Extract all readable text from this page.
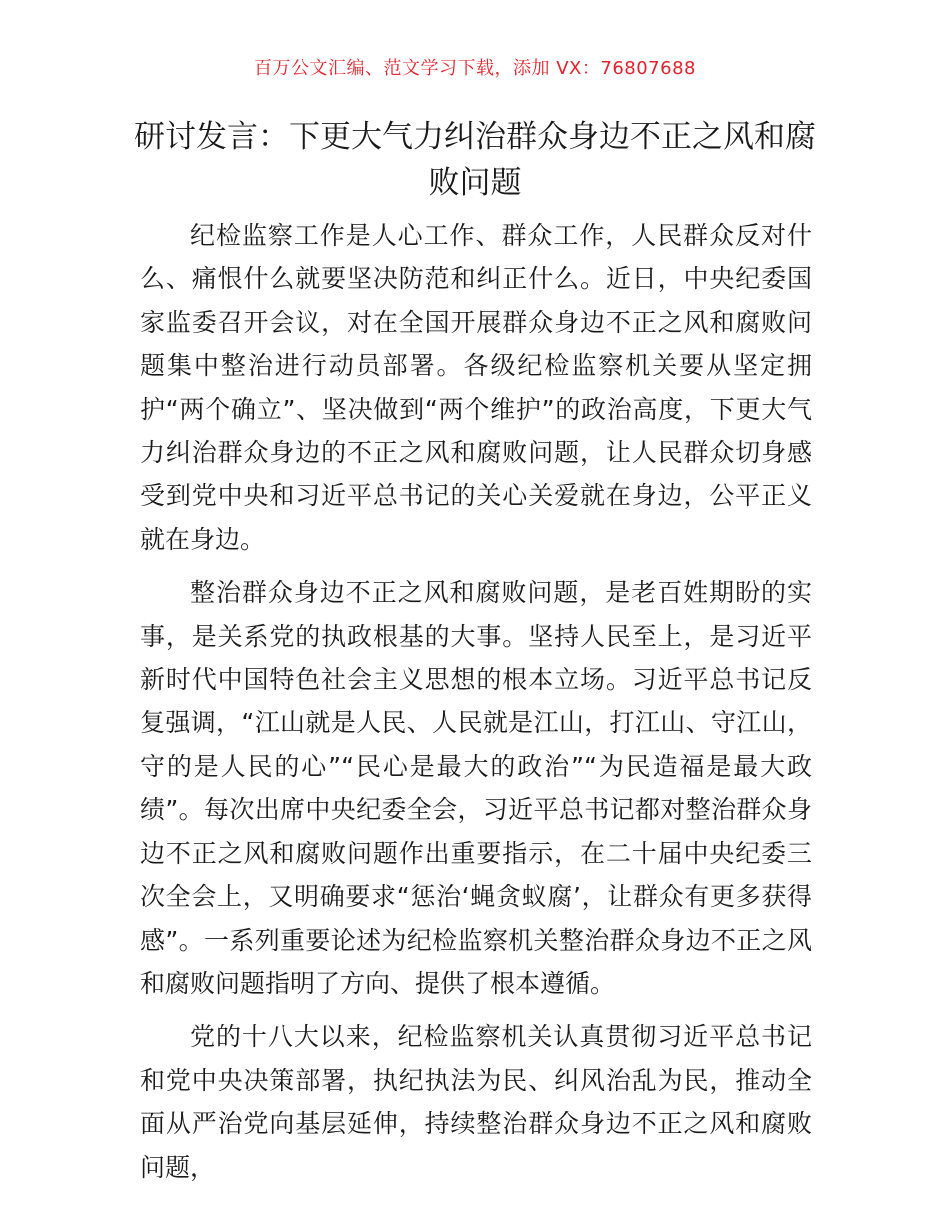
百万公文汇编、范文学习下载，添加 VX：76807688
研讨发言：下更大气力纠治群众身边不正之风和腐败问题

纪检监察工作是人心工作、群众工作，人民群众反对什么、痛恨什么就要坚决防范和纠正什么。近日，中央纪委国家监委召开会议，对在全国开展群众身边不正之风和腐败问题集中整治进行动员部署。各级纪检监察机关要从坚定拥护“两个确立”、坚决做到“两个维护”的政治高度，下更大气力纠治群众身边的不正之风和腐败问题，让人民群众切身感受到党中央和习近平总书记的关心关爱就在身边，公平正义就在身边。

整治群众身边不正之风和腐败问题，是老百姓期盼的实事，是关系党的执政根基的大事。坚持人民至上，是习近平新时代中国特色社会主义思想的根本立场。习近平总书记反复强调，“江山就是人民、人民就是江山，打江山、守江山，守的是人民的心”“民心是最大的政治”“为民造福是最大政绩”。每次出席中央纪委全会，习近平总书记都对整治群众身边不正之风和腐败问题作出重要指示，在二十届中央纪委三次全会上，又明确要求“惩治‘蝇贪蚁腐’，让群众有更多获得感”。一系列重要论述为纪检监察机关整治群众身边不正之风和腐败问题指明了方向、提供了根本遵循。

党的十八大以来，纪检监察机关认真贯彻习近平总书记和党中央决策部署，执纪执法为民、纠风治乱为民，推动全面从严治党向基层延伸，持续整治群众身边不正之风和腐败问题，
